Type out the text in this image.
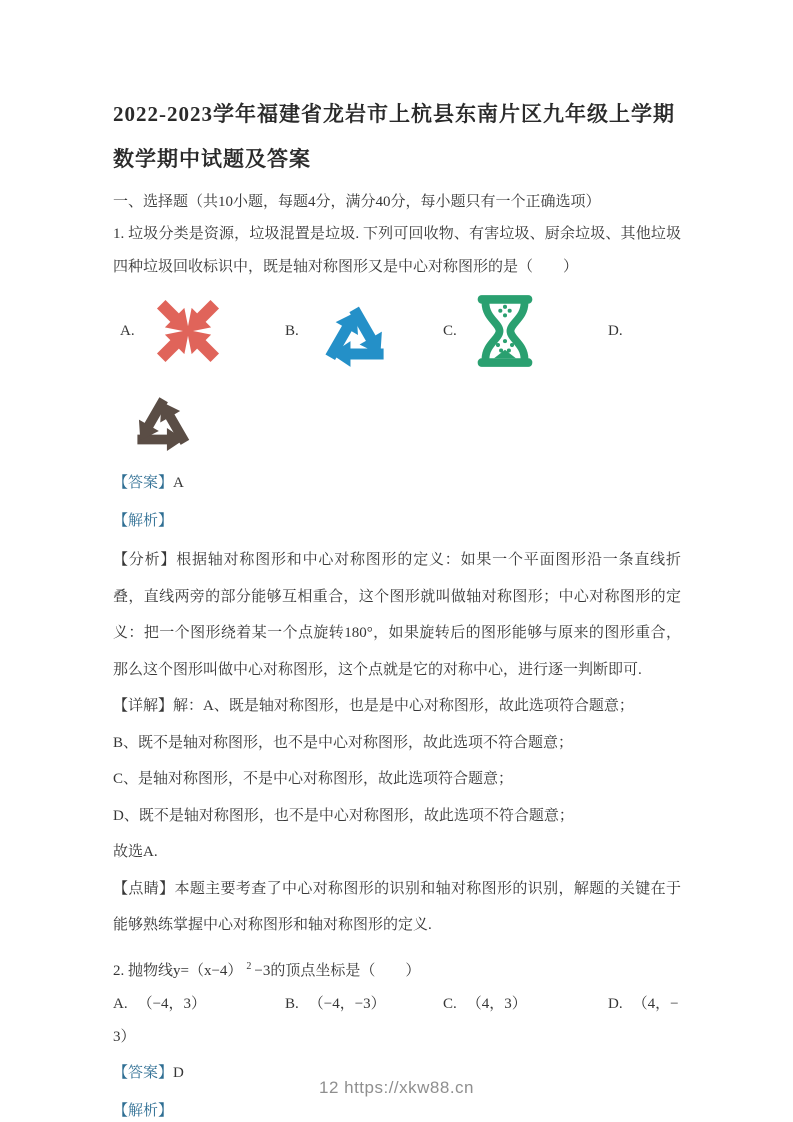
2022-2023学年福建省龙岩市上杭县东南片区九年级上学期
数学期中试题及答案

一、选择题（共10小题，每题4分，满分40分，每小题只有一个正确选项）

1. 垃圾分类是资源，垃圾混置是垃圾. 下列可回收物、有害垃圾、厨余垃圾、其他垃圾四种垃圾回收标识中，既是轴对称图形又是中心对称图形的是（　　）

A.	B.	C.	D.

【答案】A

【解析】

【分析】根据轴对称图形和中心对称图形的定义：如果一个平面图形沿一条直线折叠，直线两旁的部分能够互相重合，这个图形就叫做轴对称图形；中心对称图形的定义：把一个图形绕着某一个点旋转180°，如果旋转后的图形能够与原来的图形重合，那么这个图形叫做中心对称图形，这个点就是它的对称中心，进行逐一判断即可.

【详解】解：A、既是轴对称图形，也是是中心对称图形，故此选项符合题意；

B、既不是轴对称图形，也不是中心对称图形，故此选项不符合题意；

C、是轴对称图形，不是中心对称图形，故此选项符合题意；

D、既不是轴对称图形，也不是中心对称图形，故此选项不符合题意；

故选A.

【点睛】本题主要考查了中心对称图形的识别和轴对称图形的识别，解题的关键在于能够熟练掌握中心对称图形和轴对称图形的定义.

2. 抛物线y=（x−4） $^2$ −3的顶点坐标是（　　）

A. （−4，3）	B. （−4，−3）	C. （4，3）	D. （4，−

3）

【答案】D

【解析】

12 https://xkw88.cn
